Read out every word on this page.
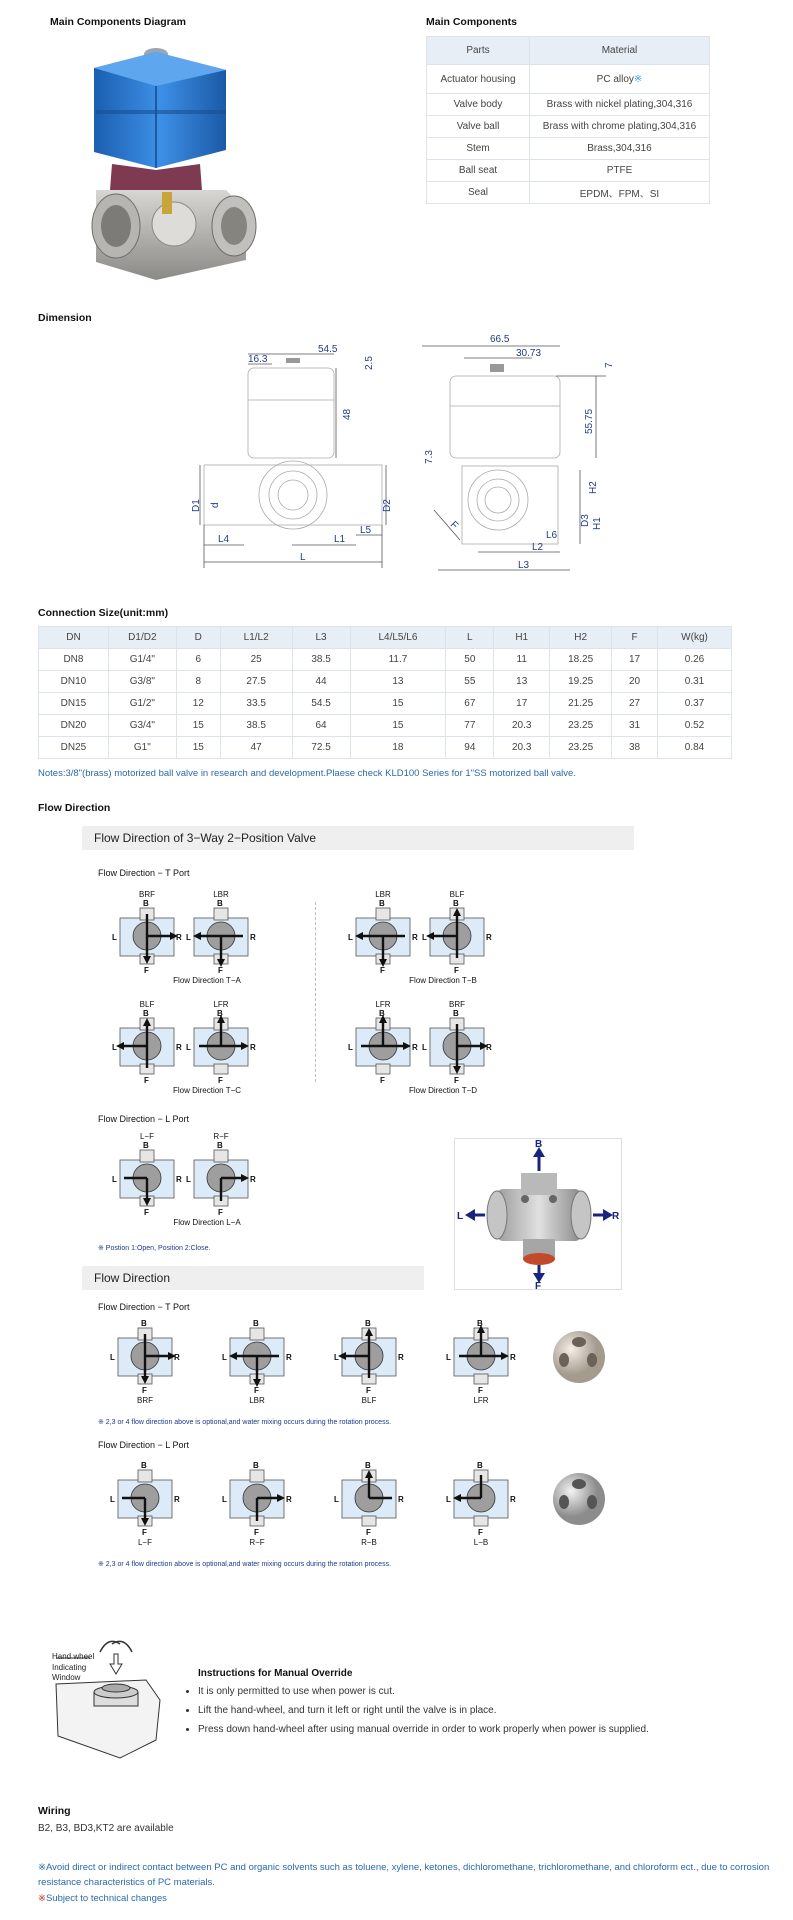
Main Components Diagram	Main Components
Parts	Material
Actuator housing	PC alloy※
Valve body	Brass with nickel plating,304,316
Valve ball	Brass with chrome plating,304,316
Stem	Brass,304,316
Ball seat	PTFE
Seal	EPDM、FPM、SI
Dimension
54.5
16.3	2.5
48
D1 d	D2
L4	L1
L5
L
66.5
30.73
7
55.75
7.3
H2
D3 H1
F
L2
L6
L3
Connection Size(unit:mm)
DN	D1/D2	D	L1/L2	L3	L4/L5/L6	L	H1	H2	F	W(kg)
DN8	G1/4"	6	25	38.5	11.7	50	11	18.25	17	0.26
DN10	G3/8"	8	27.5	44	13	55	13	19.25	20	0.31
DN15	G1/2"	12	33.5	54.5	15	67	17	21.25	27	0.37
DN20	G3/4"	15	38.5	64	15	77	20.3	23.25	31	0.52
DN25	G1"	15	47	72.5	18	94	20.3	23.25	38	0.84
Notes:3/8"(brass) motorized ball valve in research and development.Plaese check KLD100 Series for 1"SS motorized ball valve.
Flow Direction
Flow Direction of 3−Way 2−Position Valve
Flow Direction − T Port
BRF	LBR
B
L	R
F
B
L	R
F
Flow Direction T−A
LBR	BLF
B
L	R
F
B
L	R
F
Flow Direction T−B
BLF	LFR
B
L	R
F
B
L	R
F
Flow Direction T−C
LFR	BRF
B
L	R
F
B
L	R
F
Flow Direction T−D
Flow Direction − L Port
L−F	R−F
B
L	R
F
B
L	R
F
Flow Direction L−A
B
L	R
F
※ Postion 1:Open, Position 2:Close.
Flow Direction
Flow Direction − T Port
B
L	R
F
B
L	R
F
B
L	R
F
B
L	R
F
BRF	LBR	BLF	LFR
※ 2,3 or 4 flow direction above is optional,and water mixing occurs during the rotation process.
Flow Direction − L Port
B
L	R
F
B
L	R
F
B
L	R
F
B
L	R
F
L−F	R−F	R−B	L−B
※ 2,3 or 4 flow direction above is optional,and water mixing occurs during the rotation process.
Hand wheel
Indicating
Window	Instructions for Manual Override
• It is only permitted to use when power is cut.
• Lift the hand-wheel, and turn it left or right until the valve is in place.
• Press down hand-wheel after using manual override in order to work properly when power is supplied.
Wiring
B2, B3, BD3,KT2 are available
※Avoid direct or indirect contact between PC and organic solvents such as toluene, xylene, ketones, dichloromethane, trichloromethane, and chloroform ect., due to corrosion resistance characteristics of PC materials.
※Subject to technical changes
